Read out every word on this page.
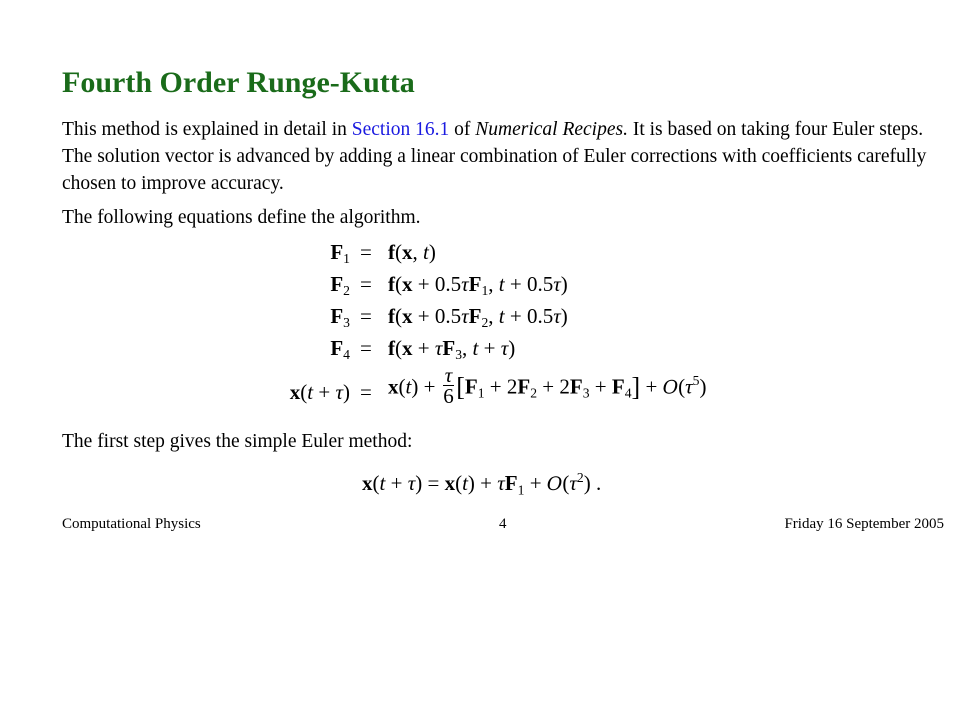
Fourth Order Runge-Kutta

This method is explained in detail in Section 16.1 of Numerical Recipes. It is based on taking four Euler steps. The solution vector is advanced by adding a linear combination of Euler corrections with coefficients carefully chosen to improve accuracy.

The following equations define the algorithm.

$F_1 = f(x$, t)
$F_2 = f(x + 0.5\tau F_1$, t + 0.5τ)
$F_3 = f(x + 0.5\tau F_2$, t + 0.5τ)
$F_4 = f(x + \tau F_3$, t + τ)
$x(t + \tau) = x(t) + \frac{\tau}{6} [F_1 + 2F_2 + 2F_3 + F_4] + O(\tau^5)$

The first step gives the simple Euler method:

$x(t + \tau) = x(t) + \tau F_1 + O(\tau^2)$ .
Computational Physics	4	Friday 16 September 2005
